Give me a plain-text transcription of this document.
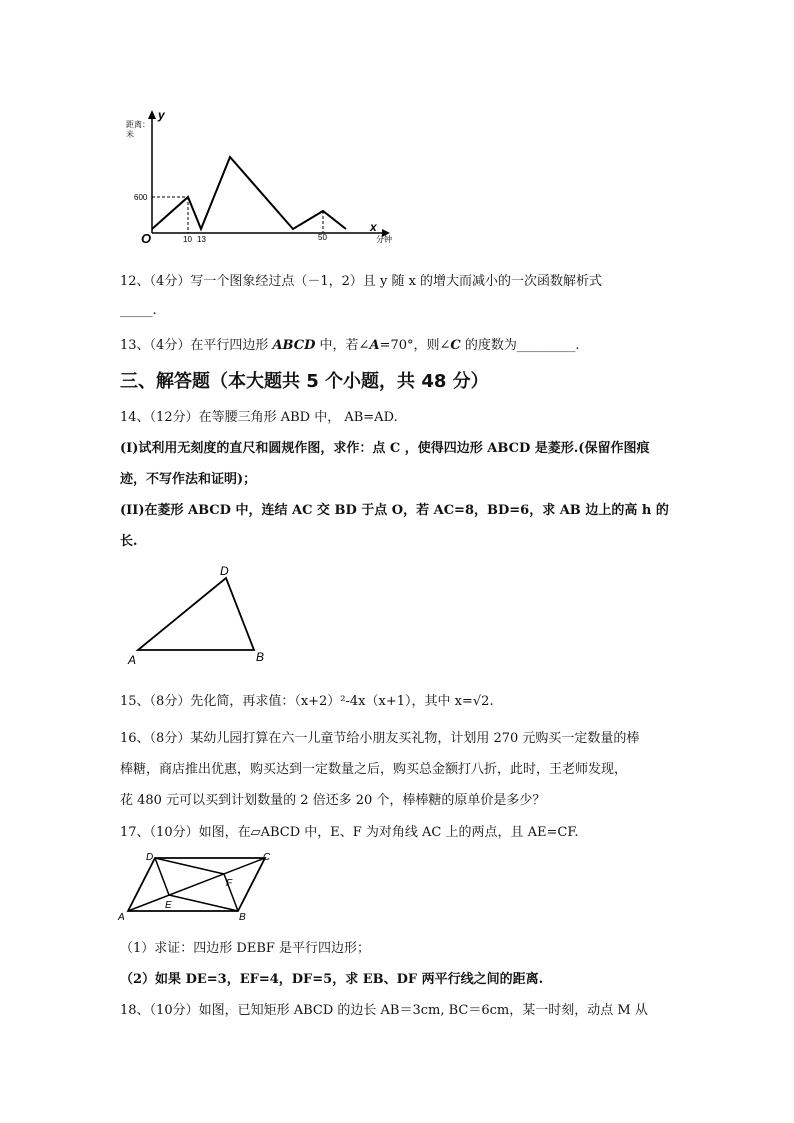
y
距离：
米
600
O	10 13	50
x
分钟
12、（4分）写一个图象经过点（－1，2）且 y 随 x 的增大而减小的一次函数解析式
_____.
13、（4分）在平行四边形 ABCD 中，若∠A=70°，则∠C 的度数为_________.
三、解答题（本大题共 5 个小题，共 48 分）
14、（12分）在等腰三角形 ABD 中， AB=AD.
(I)试利用无刻度的直尺和圆规作图，求作：点 C ，使得四边形 ABCD 是菱形.(保留作图痕
迹，不写作法和证明)；
(II)在菱形 ABCD 中，连结 AC 交 BD 于点 O，若 AC=8，BD=6，求 AB 边上的高 h 的
长.
A	B
D
15、（8分）先化简，再求值：（x+2）²-4x（x+1），其中 x=√2.
16、（8分）某幼儿园打算在六一儿童节给小朋友买礼物，计划用 270 元购买一定数量的棒
棒糖，商店推出优惠，购买达到一定数量之后，购买总金额打八折，此时，王老师发现，
花 480 元可以买到计划数量的 2 倍还多 20 个，棒棒糖的原单价是多少？
17、（10分）如图，在▱ABCD 中，E、F 为对角线 AC 上的两点，且 AE=CF.
A	B
C
D
E
F
（1）求证：四边形 DEBF 是平行四边形；
（2）如果 DE=3，EF=4，DF=5，求 EB、DF 两平行线之间的距离.
18、（10分）如图，已知矩形 ABCD 的边长 AB＝3cm, BC＝6cm，某一时刻，动点 M 从
